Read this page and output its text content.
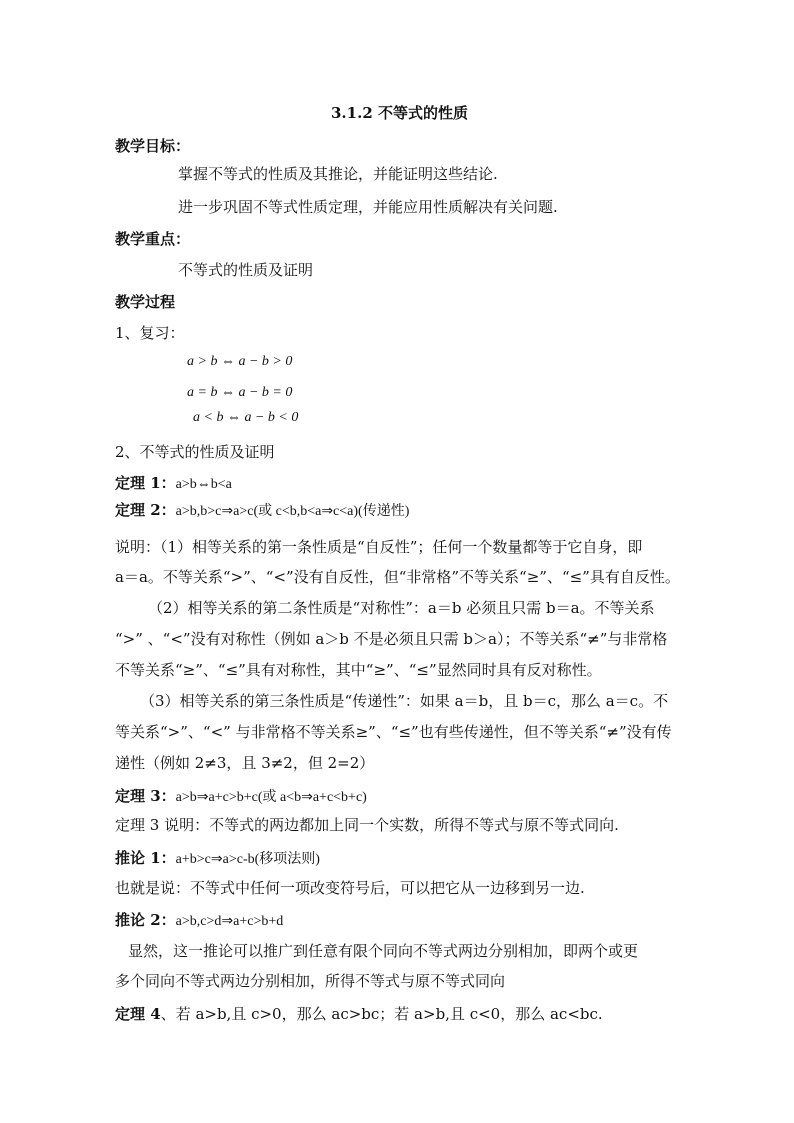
3.1.2 不等式的性质
教学目标：
掌握不等式的性质及其推论，并能证明这些结论.
进一步巩固不等式性质定理，并能应用性质解决有关问题.
教学重点：
不等式的性质及证明
教学过程
1、复习：
a > b ⇔ a − b > 0
a = b ⇔ a − b = 0
a < b ⇔ a − b < 0
2、不等式的性质及证明
定理 1：a>b⇔b<a
定理 2：a>b,b>c⇒a>c(或 c<b,b<a⇒c<a)(传递性)
说明：（1）相等关系的第一条性质是“自反性”；任何一个数量都等于它自身，即
a＝a。不等关系“>”、“<”没有自反性，但“非常格”不等关系“≥”、“≤”具有自反性。
（2）相等关系的第二条性质是“对称性”：a＝b 必须且只需 b＝a。不等关系
“>” 、“<”没有对称性（例如 a＞b 不是必须且只需 b＞a）；不等关系“≠”与非常格
不等关系“≥”、“≤”具有对称性，其中“≥”、“≤”显然同时具有反对称性。
（3）相等关系的第三条性质是“传递性”：如果 a＝b，且 b＝c，那么 a＝c。不
等关系“>”、“<” 与非常格不等关系≥”、“≤”也有些传递性，但不等关系“≠”没有传
递性（例如 2≠3，且 3≠2，但 2=2）
定理 3：a>b⇒a+c>b+c(或 a<b⇒a+c<b+c)
定理 3 说明：不等式的两边都加上同一个实数，所得不等式与原不等式同向.
推论 1：a+b>c⇒a>c-b(移项法则)
也就是说：不等式中任何一项改变符号后，可以把它从一边移到另一边.
推论 2：a>b,c>d⇒a+c>b+d
显然，这一推论可以推广到任意有限个同向不等式两边分别相加，即两个或更
多个同向不等式两边分别相加，所得不等式与原不等式同向
定理 4、若 a>b,且 c>0，那么 ac>bc；若 a>b,且 c<0，那么 ac<bc.
